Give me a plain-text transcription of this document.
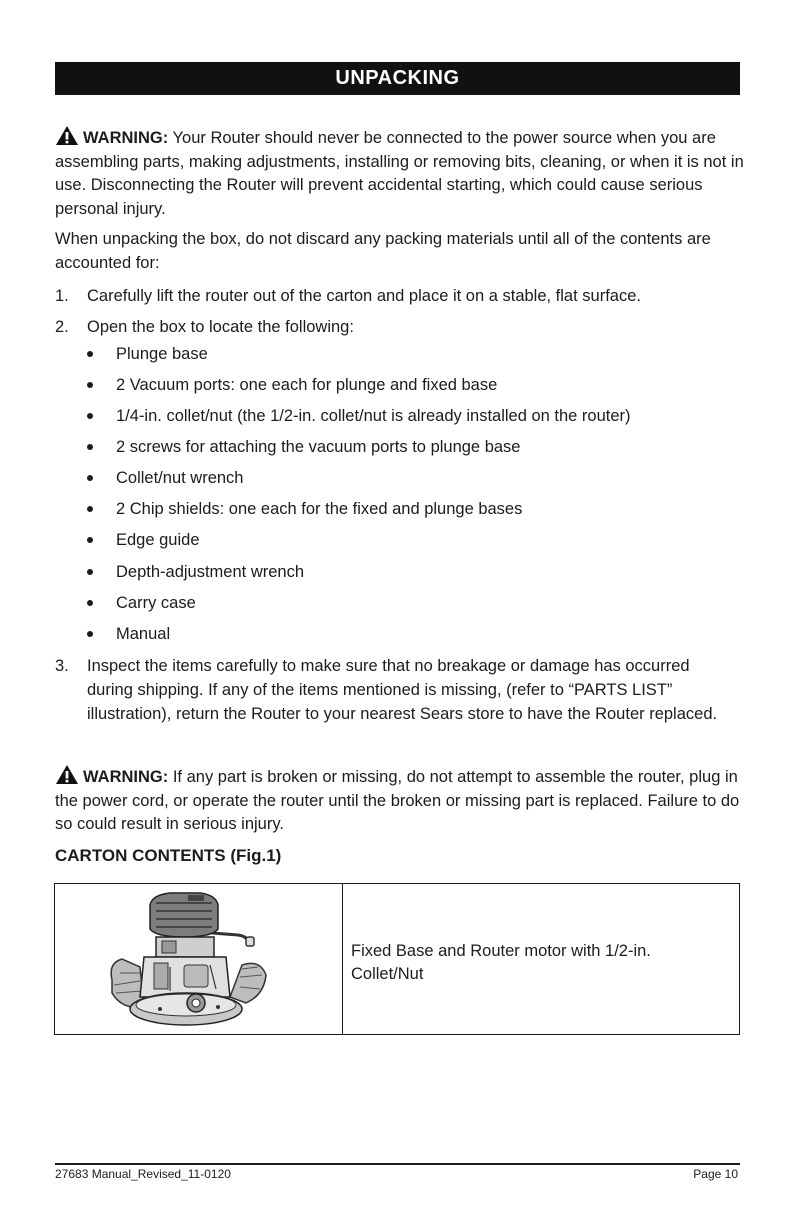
UNPACKING

WARNING: Your Router should never be connected to the power source when you are assembling parts, making adjustments, installing or removing bits, cleaning, or when it is not in use. Disconnecting the Router will prevent accidental starting, which could cause serious personal injury.

When unpacking the box, do not discard any packing materials until all of the contents are accounted for:

1.	Carefully lift the router out of the carton and place it on a stable, flat surface.
2.	Open the box to locate the following:
Plunge base
2 Vacuum ports: one each for plunge and fixed base
1/4-in. collet/nut (the 1/2-in. collet/nut is already installed on the router)
2 screws for attaching the vacuum ports to plunge base
Collet/nut wrench
2 Chip shields: one each for the fixed and plunge bases
Edge guide
Depth-adjustment wrench
Carry case
Manual
3.	Inspect the items carefully to make sure that no breakage or damage has occurred during shipping. If any of the items mentioned is missing, (refer to “PARTS LIST” illustration), return the Router to your nearest Sears store to have the Router replaced.

WARNING: If any part is broken or missing, do not attempt to assemble the router, plug in the power cord, or operate the router until the broken or missing part is replaced. Failure to do so could result in serious injury.

CARTON CONTENTS (Fig.1)

Fixed Base and Router motor with 1/2-in. Collet/Nut
27683 Manual_Revised_11-0120	Page 10
